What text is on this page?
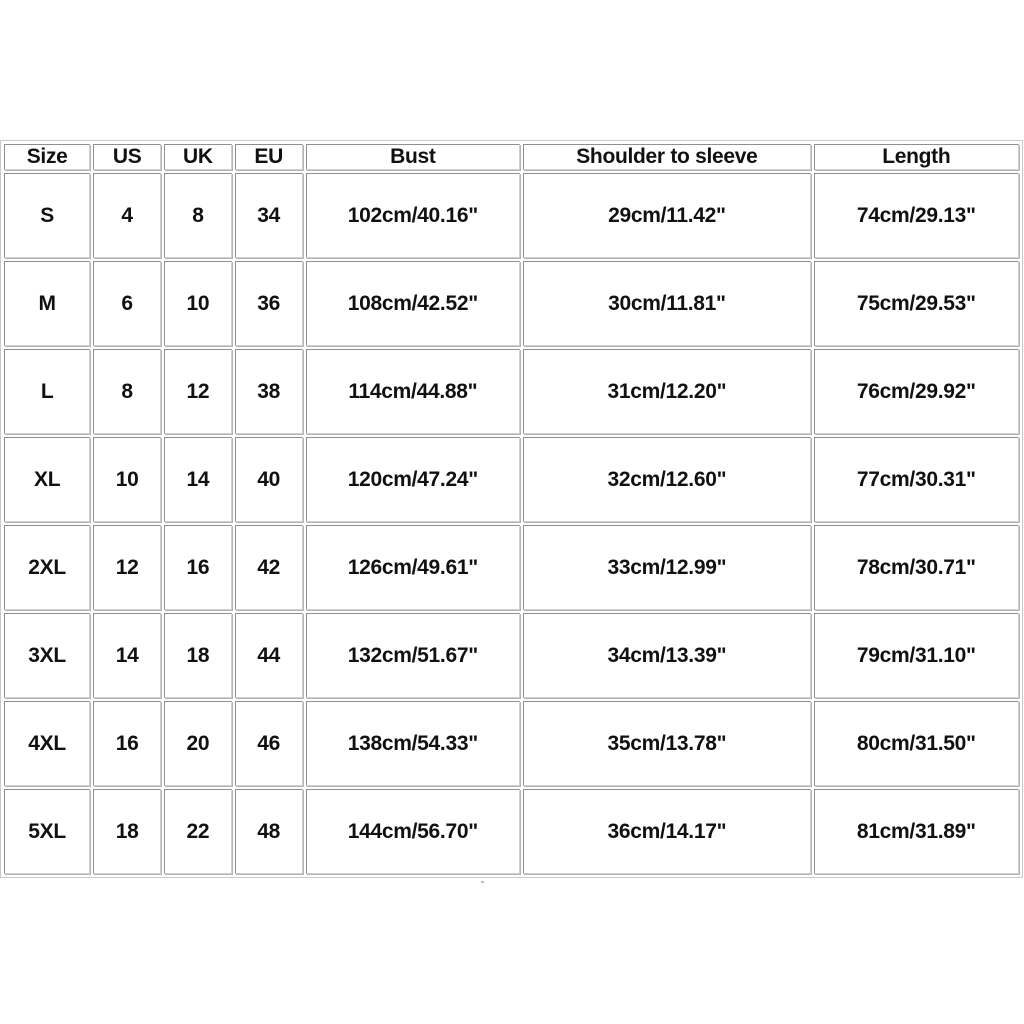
Size	US	UK	EU	Bust	Shoulder to sleeve	Length
S	4	8	34	102cm/40.16"	29cm/11.42"	74cm/29.13"
M	6	10	36	108cm/42.52"	30cm/11.81"	75cm/29.53"
L	8	12	38	114cm/44.88"	31cm/12.20"	76cm/29.92"
XL	10	14	40	120cm/47.24"	32cm/12.60"	77cm/30.31"
2XL	12	16	42	126cm/49.61"	33cm/12.99"	78cm/30.71"
3XL	14	18	44	132cm/51.67"	34cm/13.39"	79cm/31.10"
4XL	16	20	46	138cm/54.33"	35cm/13.78"	80cm/31.50"
5XL	18	22	48	144cm/56.70"	36cm/14.17"	81cm/31.89"
